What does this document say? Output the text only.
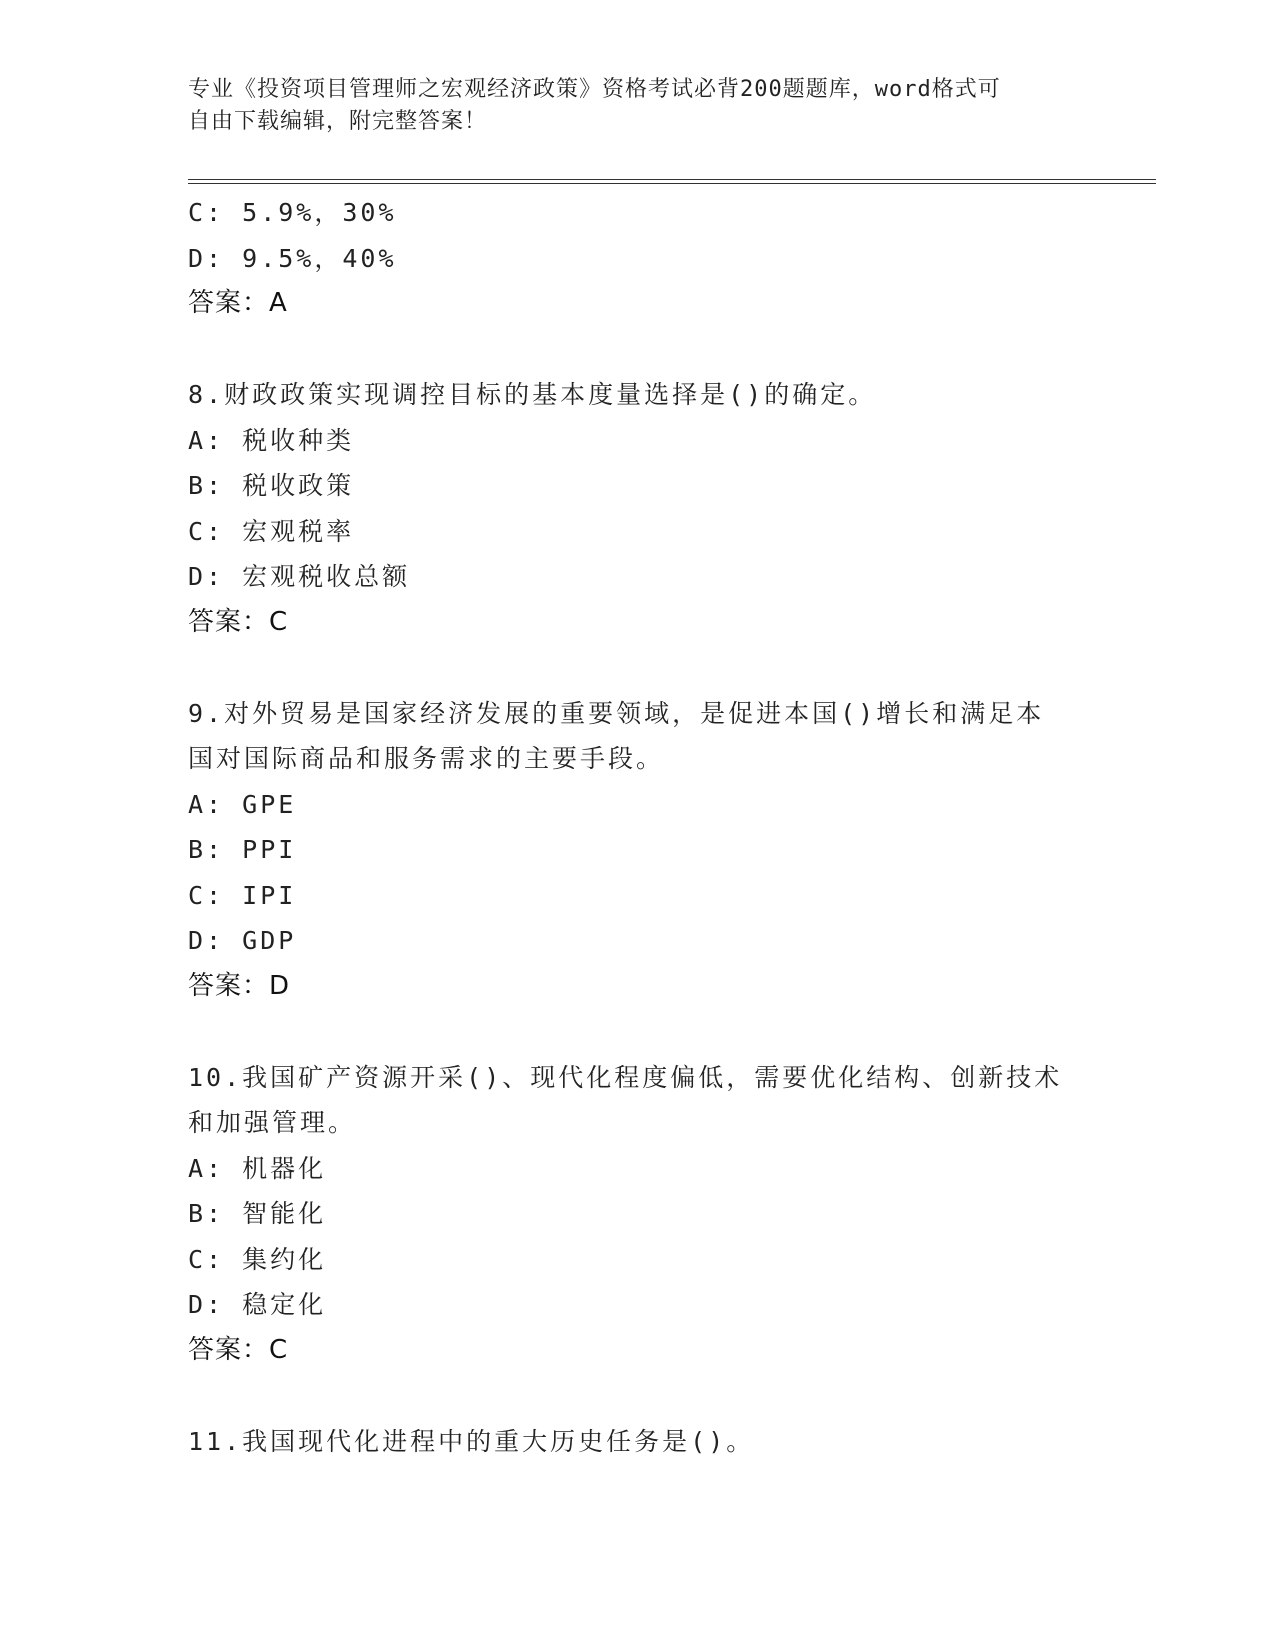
专业《投资项目管理师之宏观经济政策》资格考试必背200题题库，word格式可
自由下载编辑，附完整答案！
C: 5.9%，30%
D: 9.5%，40%
答案：A
8.财政政策实现调控目标的基本度量选择是()的确定。
A: 税收种类
B: 税收政策
C: 宏观税率
D: 宏观税收总额
答案：C
9.对外贸易是国家经济发展的重要领域，是促进本国()增长和满足本
国对国际商品和服务需求的主要手段。
A: GPE
B: PPI
C: IPI
D: GDP
答案：D
10.我国矿产资源开采()、现代化程度偏低，需要优化结构、创新技术
和加强管理。
A: 机器化
B: 智能化
C: 集约化
D: 稳定化
答案：C
11.我国现代化进程中的重大历史任务是()。
